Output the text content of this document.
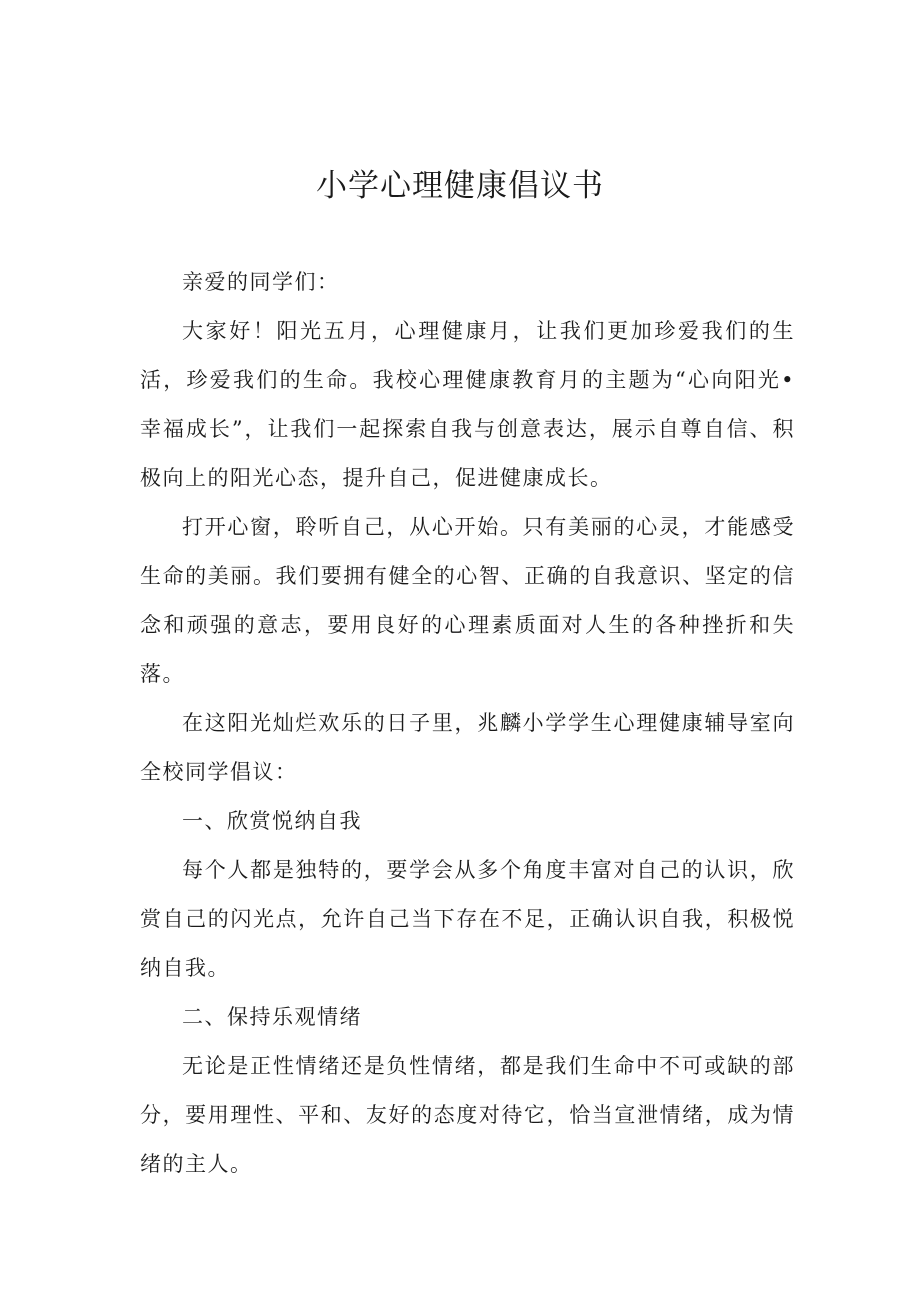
小学心理健康倡议书

亲爱的同学们：

大家好！阳光五月，心理健康月，让我们更加珍爱我们的生活，珍爱我们的生命。我校心理健康教育月的主题为“心向阳光•幸福成长”，让我们一起探索自我与创意表达，展示自尊自信、积极向上的阳光心态，提升自己，促进健康成长。

打开心窗，聆听自己，从心开始。只有美丽的心灵，才能感受生命的美丽。我们要拥有健全的心智、正确的自我意识、坚定的信念和顽强的意志，要用良好的心理素质面对人生的各种挫折和失落。

在这阳光灿烂欢乐的日子里，兆麟小学学生心理健康辅导室向全校同学倡议：

一、欣赏悦纳自我

每个人都是独特的，要学会从多个角度丰富对自己的认识，欣赏自己的闪光点，允许自己当下存在不足，正确认识自我，积极悦纳自我。

二、保持乐观情绪

无论是正性情绪还是负性情绪，都是我们生命中不可或缺的部分，要用理性、平和、友好的态度对待它，恰当宣泄情绪，成为情绪的主人。
